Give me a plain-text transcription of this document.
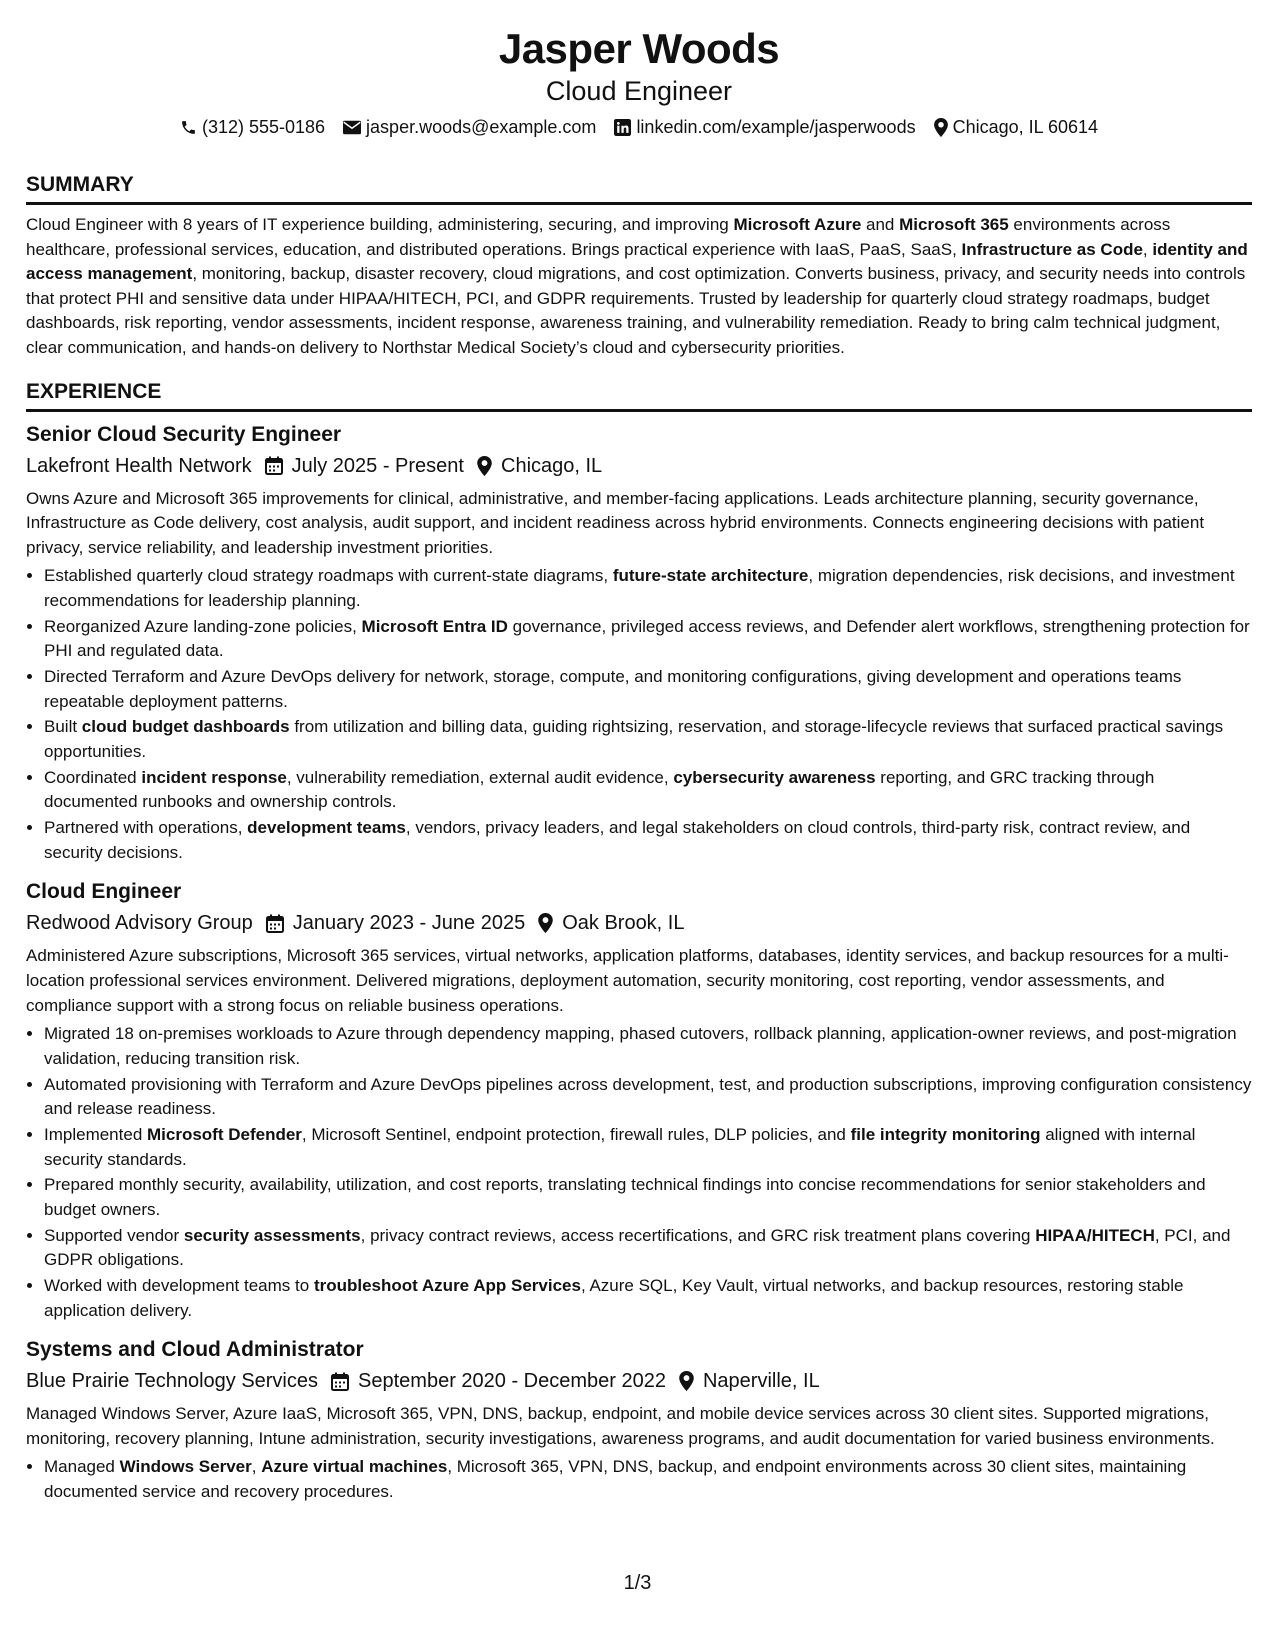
Jasper Woods
Cloud Engineer
(312) 555-0186 jasper.woods@example.com linkedin.com/example/jasperwoods Chicago, IL 60614
SUMMARY

Cloud Engineer with 8 years of IT experience building, administering, securing, and improving Microsoft Azure and Microsoft 365 environments across healthcare, professional services, education, and distributed operations. Brings practical experience with IaaS, PaaS, SaaS, Infrastructure as Code, identity and access management, monitoring, backup, disaster recovery, cloud migrations, and cost optimization. Converts business, privacy, and security needs into controls that protect PHI and sensitive data under HIPAA/HITECH, PCI, and GDPR requirements. Trusted by leadership for quarterly cloud strategy roadmaps, budget dashboards, risk reporting, vendor assessments, incident response, awareness training, and vulnerability remediation. Ready to bring calm technical judgment, clear communication, and hands-on delivery to Northstar Medical Society’s cloud and cybersecurity priorities.

EXPERIENCE
Senior Cloud Security Engineer
Lakefront Health Network July 2025 - Present Chicago, IL

Owns Azure and Microsoft 365 improvements for clinical, administrative, and member-facing applications. Leads architecture planning, security governance, Infrastructure as Code delivery, cost analysis, audit support, and incident readiness across hybrid environments. Connects engineering decisions with patient privacy, service reliability, and leadership investment priorities.

• Established quarterly cloud strategy roadmaps with current-state diagrams, future-state architecture, migration dependencies, risk decisions, and investment recommendations for leadership planning.
• Reorganized Azure landing-zone policies, Microsoft Entra ID governance, privileged access reviews, and Defender alert workflows, strengthening protection for PHI and regulated data.
• Directed Terraform and Azure DevOps delivery for network, storage, compute, and monitoring configurations, giving development and operations teams repeatable deployment patterns.
• Built cloud budget dashboards from utilization and billing data, guiding rightsizing, reservation, and storage-lifecycle reviews that surfaced practical savings opportunities.
• Coordinated incident response, vulnerability remediation, external audit evidence, cybersecurity awareness reporting, and GRC tracking through documented runbooks and ownership controls.
• Partnered with operations, development teams, vendors, privacy leaders, and legal stakeholders on cloud controls, third-party risk, contract review, and security decisions.
Cloud Engineer
Redwood Advisory Group January 2023 - June 2025 Oak Brook, IL

Administered Azure subscriptions, Microsoft 365 services, virtual networks, application platforms, databases, identity services, and backup resources for a multi-location professional services environment. Delivered migrations, deployment automation, security monitoring, cost reporting, vendor assessments, and compliance support with a strong focus on reliable business operations.

• Migrated 18 on-premises workloads to Azure through dependency mapping, phased cutovers, rollback planning, application-owner reviews, and post-migration validation, reducing transition risk.
• Automated provisioning with Terraform and Azure DevOps pipelines across development, test, and production subscriptions, improving configuration consistency and release readiness.
• Implemented Microsoft Defender, Microsoft Sentinel, endpoint protection, firewall rules, DLP policies, and file integrity monitoring aligned with internal security standards.
• Prepared monthly security, availability, utilization, and cost reports, translating technical findings into concise recommendations for senior stakeholders and budget owners.
• Supported vendor security assessments, privacy contract reviews, access recertifications, and GRC risk treatment plans covering HIPAA/HITECH, PCI, and GDPR obligations.
• Worked with development teams to troubleshoot Azure App Services, Azure SQL, Key Vault, virtual networks, and backup resources, restoring stable application delivery.
Systems and Cloud Administrator
Blue Prairie Technology Services September 2020 - December 2022 Naperville, IL

Managed Windows Server, Azure IaaS, Microsoft 365, VPN, DNS, backup, endpoint, and mobile device services across 30 client sites. Supported migrations, monitoring, recovery planning, Intune administration, security investigations, awareness programs, and audit documentation for varied business environments.

• Managed Windows Server, Azure virtual machines, Microsoft 365, VPN, DNS, backup, and endpoint environments across 30 client sites, maintaining documented service and recovery procedures.
1/3
